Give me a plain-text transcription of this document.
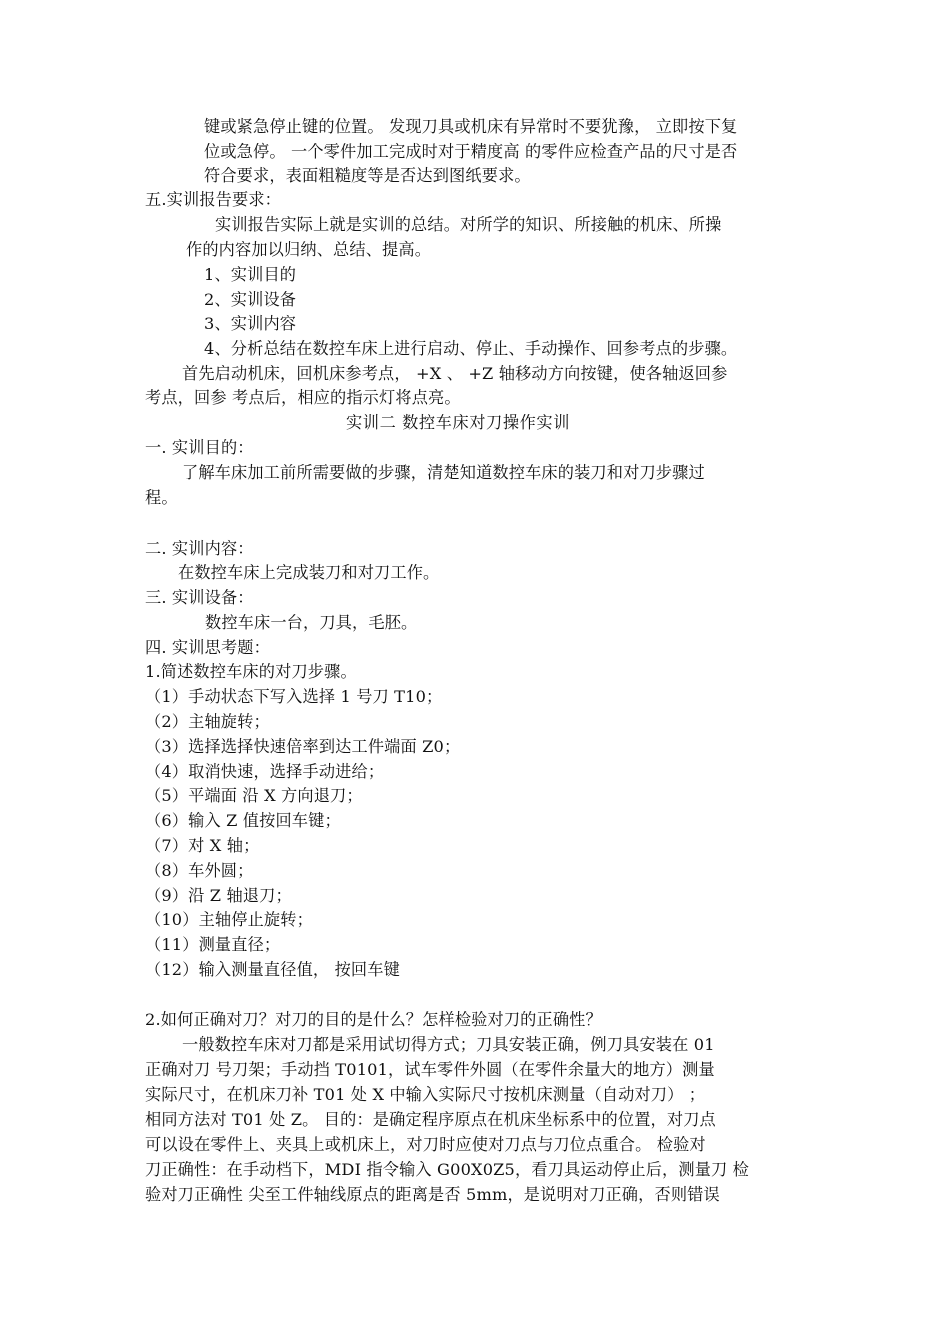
键或紧急停止键的位置。 发现刀具或机床有异常时不要犹豫， 立即按下复
位或急停。 一个零件加工完成时对于精度高 的零件应检查产品的尺寸是否
符合要求，表面粗糙度等是否达到图纸要求。
五.实训报告要求：
实训报告实际上就是实训的总结。对所学的知识、所接触的机床、所操
作的内容加以归纳、总结、提高。
1、实训目的
2、实训设备
3、实训内容
4、分析总结在数控车床上进行启动、停止、手动操作、回参考点的步骤。
首先启动机床，回机床参考点， +X 、 +Z 轴移动方向按键，使各轴返回参
考点，回参 考点后，相应的指示灯将点亮。
实训二 数控车床对刀操作实训
一. 实训目的：
了解车床加工前所需要做的步骤，清楚知道数控车床的装刀和对刀步骤过
程。
二. 实训内容：
在数控车床上完成装刀和对刀工作。
三. 实训设备：
数控车床一台，刀具，毛胚。
四. 实训思考题：
1.简述数控车床的对刀步骤。
（1）手动状态下写入选择 1 号刀 T10；
（2）主轴旋转；
（3）选择选择快速倍率到达工件端面 Z0；
（4）取消快速，选择手动进给；
（5）平端面 沿 X 方向退刀；
（6）输入 Z 值按回车键；
（7）对 X 轴；
（8）车外圆；
（9）沿 Z 轴退刀；
（10）主轴停止旋转；
（11）测量直径；
（12）输入测量直径值， 按回车键
2.如何正确对刀？对刀的目的是什么？怎样检验对刀的正确性？
一般数控车床对刀都是采用试切得方式；刀具安装正确，例刀具安装在 01
正确对刀 号刀架；手动挡 T0101，试车零件外圆（在零件余量大的地方）测量
实际尺寸，在机床刀补 T01 处 X 中输入实际尺寸按机床测量（自动对刀） ；
相同方法对 T01 处 Z。 目的：是确定程序原点在机床坐标系中的位置，对刀点
可以设在零件上、夹具上或机床上，对刀时应使对刀点与刀位点重合。 检验对
刀正确性：在手动档下，MDI 指令输入 G00X0Z5，看刀具运动停止后，测量刀 检
验对刀正确性 尖至工件轴线原点的距离是否 5mm，是说明对刀正确，否则错误
